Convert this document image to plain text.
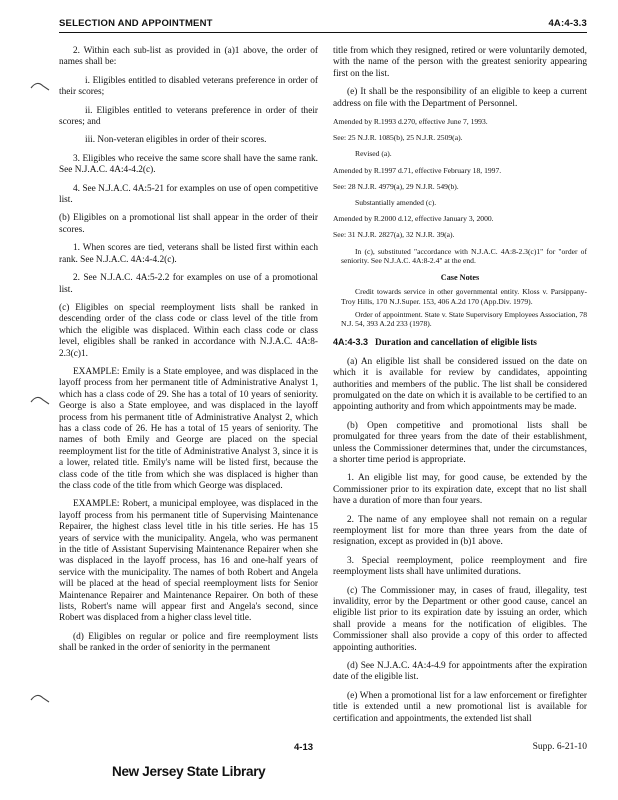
SELECTION AND APPOINTMENT	4A:4-3.3

2. Within each sub-list as provided in (a)1 above, the order of names shall be:

i. Eligibles entitled to disabled veterans preference in order of their scores;

ii. Eligibles entitled to veterans preference in order of their scores; and

iii. Non-veteran eligibles in order of their scores.

3. Eligibles who receive the same score shall have the same rank. See N.J.A.C. 4A:4-4.2(c).

4. See N.J.A.C. 4A:5-21 for examples on use of open competitive list.

(b) Eligibles on a promotional list shall appear in the order of their scores.

1. When scores are tied, veterans shall be listed first within each rank. See N.J.A.C. 4A:4-4.2(c).

2. See N.J.A.C. 4A:5-2.2 for examples on use of a promotional list.

(c) Eligibles on special reemployment lists shall be ranked in descending order of the class code or class level of the title from which the eligible was displaced. Within each class code or class level, eligibles shall be ranked in accordance with N.J.A.C. 4A:8-2.3(c)1.

EXAMPLE: Emily is a State employee, and was displaced in the layoff process from her permanent title of Administrative Analyst 1, which has a class code of 29. She has a total of 10 years of seniority. George is also a State employee, and was displaced in the layoff process from his permanent title of Administrative Analyst 2, which has a class code of 26. He has a total of 15 years of seniority. The names of both Emily and George are placed on the special reemployment list for the title of Administrative Analyst 3, since it is a lower, related title. Emily's name will be listed first, because the class code of the title from which she was displaced is higher than the class code of the title from which George was displaced.

EXAMPLE: Robert, a municipal employee, was displaced in the layoff process from his permanent title of Supervising Maintenance Repairer, the highest class level title in his title series. He has 15 years of service with the municipality. Angela, who was permanent in the title of Assistant Supervising Maintenance Repairer when she was displaced in the layoff process, has 16 and one-half years of service with the municipality. The names of both Robert and Angela will be placed at the head of special reemployment lists for Senior Maintenance Repairer and Maintenance Repairer. On both of these lists, Robert's name will appear first and Angela's second, since Robert was displaced from a higher class level title.

(d) Eligibles on regular or police and fire reemployment lists shall be ranked in the order of seniority in the permanent

title from which they resigned, retired or were voluntarily demoted, with the name of the person with the greatest seniority appearing first on the list.

(e) It shall be the responsibility of an eligible to keep a current address on file with the Department of Personnel.

Amended by R.1993 d.270, effective June 7, 1993.

See: 25 N.J.R. 1085(b), 25 N.J.R. 2509(a).

Revised (a).

Amended by R.1997 d.71, effective February 18, 1997.

See: 28 N.J.R. 4979(a), 29 N.J.R. 549(b).

Substantially amended (c).

Amended by R.2000 d.12, effective January 3, 2000.

See: 31 N.J.R. 2827(a), 32 N.J.R. 39(a).

In (c), substituted "accordance with N.J.A.C. 4A:8-2.3(c)1" for "order of seniority. See N.J.A.C. 4A:8-2.4" at the end.

Case Notes

Credit towards service in other governmental entity. Kloss v. Parsippany-Troy Hills, 170 N.J.Super. 153, 406 A.2d 170 (App.Div. 1979).

Order of appointment. State v. State Supervisory Employees Association, 78 N.J. 54, 393 A.2d 233 (1978).

4A:4-3.3 Duration and cancellation of eligible lists

(a) An eligible list shall be considered issued on the date on which it is available for review by candidates, appointing authorities and members of the public. The list shall be considered promulgated on the date on which it is available to be certified to an appointing authority and from which appointments may be made.

(b) Open competitive and promotional lists shall be promulgated for three years from the date of their establishment, unless the Commissioner determines that, under the circumstances, a shorter time period is appropriate.

1. An eligible list may, for good cause, be extended by the Commissioner prior to its expiration date, except that no list shall have a duration of more than four years.

2. The name of any employee shall not remain on a regular reemployment list for more than three years from the date of resignation, except as provided in (b)1 above.

3. Special reemployment, police reemployment and fire reemployment lists shall have unlimited durations.

(c) The Commissioner may, in cases of fraud, illegality, test invalidity, error by the Department or other good cause, cancel an eligible list prior to its expiration date by issuing an order, which shall provide a means for the notification of eligibles. The Commissioner shall also provide a copy of this order to affected appointing authorities.

(d) See N.J.A.C. 4A:4-4.9 for appointments after the expiration date of the eligible list.

(e) When a promotional list for a law enforcement or firefighter title is extended until a new promotional list is available for certification and appointments, the extended list shall

4-13	Supp. 6-21-10
New Jersey State Library
